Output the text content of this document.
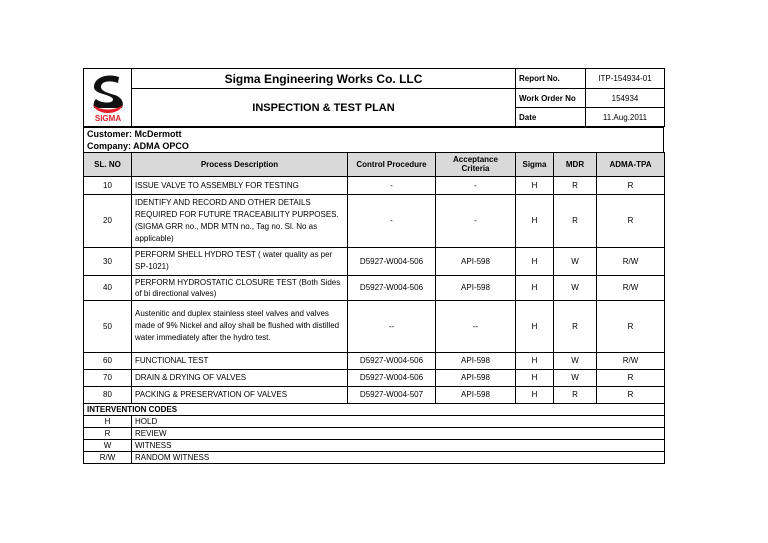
SIGMA	Sigma Engineering Works Co. LLC	Report No.	ITP-154934-01
	INSPECTION & TEST PLAN	Work Order No	154934
		Date	11.Aug.2011
Customer: McDermott
Company: ADMA OPCO
SL. NO	Process Description	Control Procedure	Acceptance Criteria	Sigma	MDR	ADMA-TPA
10	ISSUE VALVE TO ASSEMBLY FOR TESTING	-	-	H	R	R
20	IDENTIFY AND RECORD AND OTHER DETAILS REQUIRED FOR FUTURE TRACEABILITY PURPOSES. (SIGMA GRR no., MDR MTN no., Tag no. Sl. No as applicable)	-	-	H	R	R
30	PERFORM SHELL HYDRO TEST ( water quality as per SP-1021)	D5927-W004-506	API-598	H	W	R/W
40	PERFORM HYDROSTATIC CLOSURE TEST (Both Sides of bi directional valves)	D5927-W004-506	API-598	H	W	R/W
50	Austenitic and duplex stainless steel valves and valves made of 9% Nickel and alloy shall be flushed with distilled water immediately after the hydro test.	--	--	H	R	R
60	FUNCTIONAL TEST	D5927-W004-506	API-598	H	W	R/W
70	DRAIN & DRYING OF VALVES	D5927-W004-506	API-598	H	W	R
80	PACKING & PRESERVATION OF VALVES	D5927-W004-507	API-598	H	R	R
INTERVENTION CODES	
H	HOLD
R	REVIEW
W	WITNESS
R/W	RANDOM WITNESS
